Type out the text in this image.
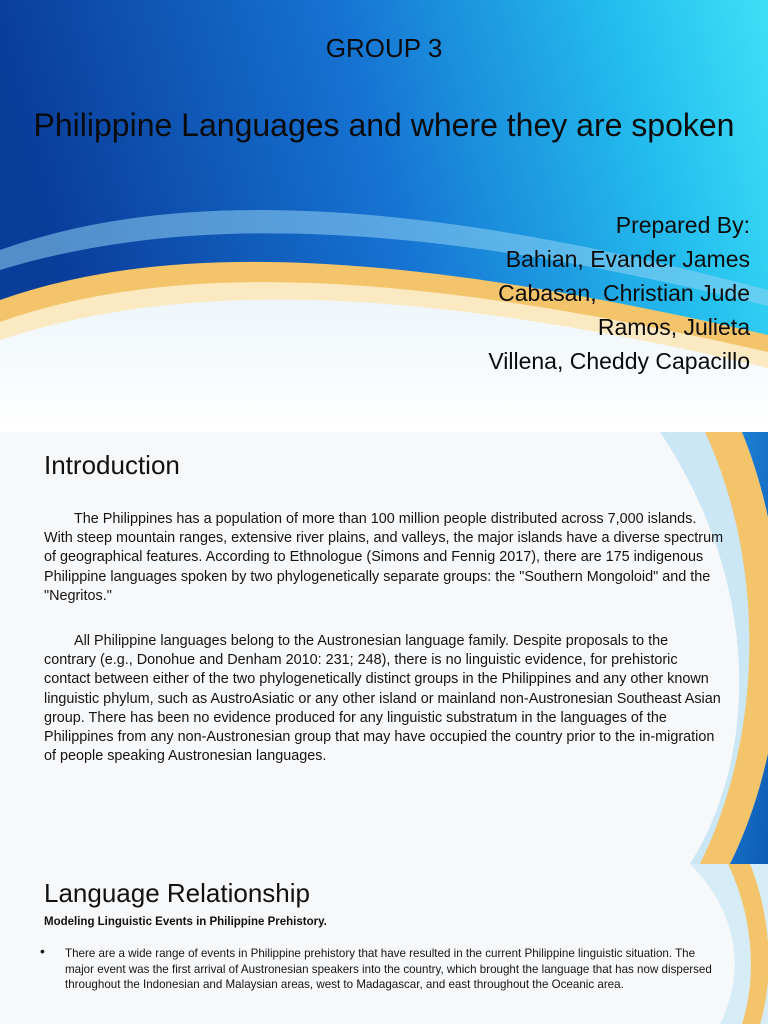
GROUP 3
Philippine Languages and where they are spoken
Prepared By:
Bahian, Evander James
Cabasan, Christian Jude
Ramos, Julieta
Villena, Cheddy Capacillo
Introduction

The Philippines has a population of more than 100 million people distributed across 7,000 islands. With steep mountain ranges, extensive river plains, and valleys, the major islands have a diverse spectrum of geographical features. According to Ethnologue (Simons and Fennig 2017), there are 175 indigenous Philippine languages spoken by two phylogenetically separate groups: the "Southern Mongoloid" and the "Negritos."

All Philippine languages belong to the Austronesian language family. Despite proposals to the contrary (e.g., Donohue and Denham 2010: 231; 248), there is no linguistic evidence, for prehistoric contact between either of the two phylogenetically distinct groups in the Philippines and any other known linguistic phylum, such as AustroAsiatic or any other island or mainland non-Austronesian Southeast Asian group. There has been no evidence produced for any linguistic substratum in the languages of the Philippines from any non-Austronesian group that may have occupied the country prior to the in-migration of people speaking Austronesian languages.

Language Relationship
Modeling Linguistic Events in Philippine Prehistory.
•	There are a wide range of events in Philippine prehistory that have resulted in the current Philippine linguistic situation. The major event was the first arrival of Austronesian speakers into the country, which brought the language that has now dispersed throughout the Indonesian and Malaysian areas, west to Madagascar, and east throughout the Oceanic area.
